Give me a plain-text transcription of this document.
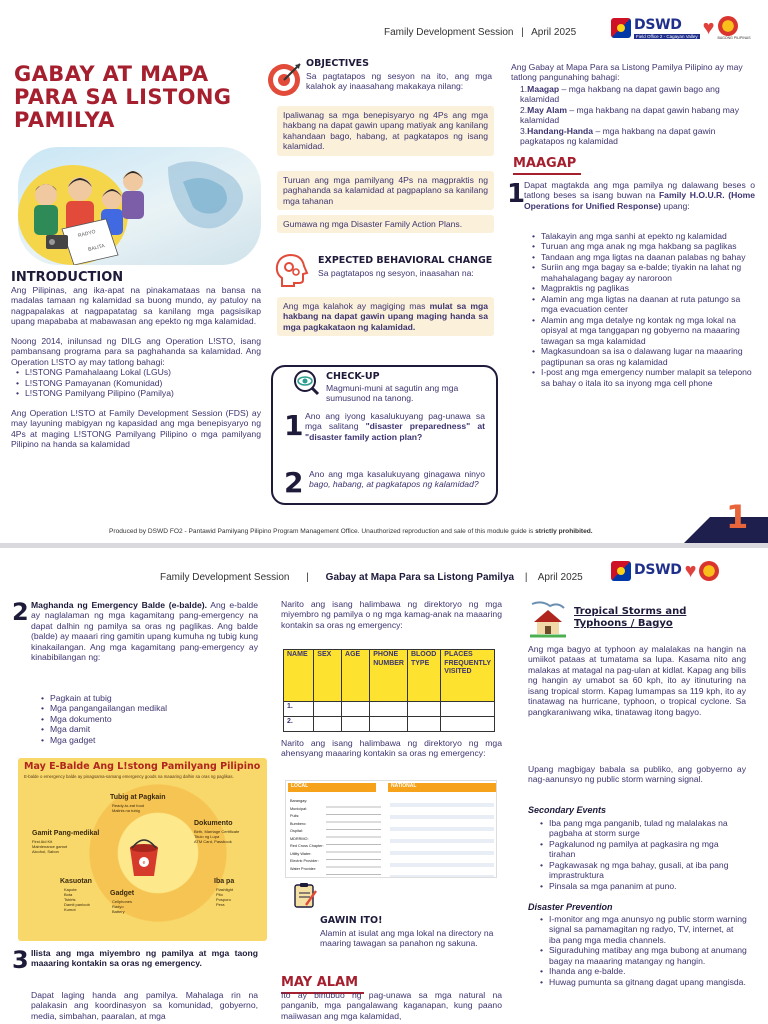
Family Development Session | April 2025	DSWD
Field Office 2 - Cagayan Valley ♥ BAGONG PILIPINAS
GABAY AT MAPA PARA SA LISTONG PAMILYA
RADYO
BALITA
INTRODUCTION

Ang Pilipinas, ang ika-apat na pinakamataas na bansa na madalas tamaan ng kalamidad sa buong mundo, ay patuloy na nagpapalakas at nagpapatatag sa kanilang mga pagsisikap upang mapababa at mabawasan ang epekto ng mga kalamidad.

Noong 2014, inilunsad ng DILG ang Operation L!STO, isang pambansang programa para sa paghahanda sa kalamidad. Ang Operation L!STO ay may tatlong bahagi:

• L!STONG Pamahalaang Lokal (LGUs)
• L!STONG Pamayanan (Komunidad)
• L!STONG Pamilyang Pilipino (Pamilya)

Ang Operation L!STO at Family Development Session (FDS) ay may layuning mabigyan ng kapasidad ang mga benepisyaryo ng 4Ps at maging L!STONG Pamilyang Pilipino o mga pamilyang Pilipino na handa sa kalamidad

OBJECTIVES

Sa pagtatapos ng sesyon na ito, ang mga kalahok ay inaasahang makakaya nilang:

Ipaliwanag sa mga benepisyaryo ng 4Ps ang mga hakbang na dapat gawin upang matiyak ang kanilang kahandaan bago, habang, at pagkatapos ng isang kalamidad.
Turuan ang mga pamilyang 4Ps na magpraktis ng paghahanda sa kalamidad at pagpaplano sa kanilang mga tahanan
Gumawa ng mga Disaster Family Action Plans.
EXPECTED BEHAVIORAL CHANGE

Sa pagtatapos ng sesyon, inaasahan na:

Ang mga kalahok ay magiging mas mulat sa mga hakbang na dapat gawin upang maging handa sa mga pagkakataon ng kalamidad.
CHECK-UP

Magmuni-muni at sagutin ang mga sumusunod na tanong.

1 Ano ang iyong kasalukuyang pag-unawa sa mga salitang "disaster preparedness" at "disaster family action plan?

2 Ano ang mga kasalukuyang ginagawa ninyo bago, habang, at pagkatapos ng kalamidad?

Ang Gabay at Mapa Para sa Listong Pamilya Pilipino ay may tatlong pangunahing bahagi:

1.Maagap – mga hakbang na dapat gawin bago ang kalamidad
2.May Alam – mga hakbang na dapat gawin habang may kalamidad
3.Handang-Handa – mga hakbang na dapat gawin pagkatapos ng kalamidad
MAAGAP
1

Dapat magtakda ang mga pamilya ng dalawang beses o tatlong beses sa isang buwan na Family H.O.U.R. (Home Operations for Unified Response) upang:

• Talakayin ang mga sanhi at epekto ng kalamidad
• Turuan ang mga anak ng mga hakbang sa paglikas
• Tandaan ang mga ligtas na daanan palabas ng bahay
• Suriin ang mga bagay sa e-balde; tiyakin na lahat ng mahahalagang bagay ay naroroon
• Magpraktis ng paglikas
• Alamin ang mga ligtas na daanan at ruta patungo sa mga evacuation center
• Alamin ang mga detalye ng kontak ng mga lokal na opisyal at mga tanggapan ng gobyerno na maaaring tawagan sa mga kalamidad
• Magkasundoan sa isa o dalawang lugar na maaaring pagtipunan sa oras ng kalamidad
• I-post ang mga emergency number malapit sa telepono sa bahay o itala ito sa inyong mga cell phone
Produced by DSWD FO2 - Pantawid Pamilyang Pilipino Program Management Office. Unauthorized reproduction and sale of this module guide is strictly prohibited.	1
Family Development Session | Gabay at Mapa Para sa Listong Pamilya | April 2025	DSWD ♥
2 Maghanda ng Emergency Balde (e-balde). Ang e-balde ay naglalaman ng mga kagamitang pang-emergency na dapat dalhin ng pamilya sa oras ng paglikas. Ang balde (balde) ay maaari ring gamitin upang kumuha ng tubig kung kinakailangan. Ang mga kagamitang pang-emergency ay kinabibilangan ng:

• Pagkain at tubig
• Mga pangangailangan medikal
• Mga dokumento
• Mga damit
• Mga gadget
May E-Balde Ang L!stong Pamilyang Pilipino
E-balde o emergency balde ay pinagsama-samang emergency goods na maaaring dalhin sa oras ng paglikas.
e
Tubig at Pagkain
Ready-to-eat food
Malinis na tubig
Dokumento
Birth, Marriage Certificate
Titulo ng Lupa
ATM Card, Passbook
Gamit Pang-medikal
First Aid Kit
Maintenance gamot
Alcohol, Sabon
Kasuotan
Kapote
Bota
Tshirts
Damit panloob
Kumot
Gadget
Cellphones
Radyo
Battery
Iba pa
Flashlight
Pito
Posporo
Pera
3 Ilista ang mga miyembro ng pamilya at mga taong maaaring kontakin sa oras ng emergency.

Dapat laging handa ang pamilya. Mahalaga rin na palakasin ang koordinasyon sa komunidad, gobyerno, media, simbahan, paaralan, at mga

Narito ang isang halimbawa ng direktoryo ng mga miyembro ng pamilya o ng mga kamag-anak na maaaring kontakin sa oras ng emergency:

NAME	SEX	AGE	PHONE NUMBER	BLOOD TYPE	PLACES FREQUENTLY VISITED
1.					
2.					

Narito ang isang halimbawa ng direktoryo ng mga ahensyang maaaring kontakin sa oras ng emergency:

LOCAL	NATIONAL
Barangay:
Municipal:
Pulis:
Bumbero:
Ospital:
MDRRMO:
Red Cross Chapter:
Utility Water:
Electric Provider:
Water Provider:
GAWIN ITO!

Alamin at isulat ang mga lokal na directory na maaring tawagan sa panahon ng sakuna.

MAY ALAM

Ito ay binubuo ng pag-unawa sa mga natural na panganib, mga pangalawang kaganapan, kung paano maiiwasan ang mga kalamidad,

Tropical Storms and Typhoons / Bagyo

Ang mga bagyo at typhoon ay malalakas na hangin na umiikot pataas at tumatama sa lupa. Kasama nito ang malakas at matagal na pag-ulan at kidlat. Kapag ang bilis ng hangin ay umabot sa 60 kph, ito ay itinuturing na isang tropical storm. Kapag lumampas sa 119 kph, ito ay tinatawag na hurricane, typhoon, o tropical cyclone. Sa pangkaraniwang wika, tinatawag itong bagyo.

Upang magbigay babala sa publiko, ang gobyerno ay nag-aanunsyo ng public storm warning signal.

Secondary Events
• Iba pang mga panganib, tulad ng malalakas na pagbaha at storm surge
• Pagkalunod ng pamilya at pagkasira ng mga tirahan
• Pagkawasak ng mga bahay, gusali, at iba pang imprastruktura
• Pinsala sa mga pananim at puno.
Disaster Prevention
• I-monitor ang mga anunsyo ng public storm warning signal sa pamamagitan ng radyo, TV, internet, at iba pang mga media channels.
• Siguraduhing matibay ang mga bubong at anumang bagay na maaaring matangay ng hangin.
• Ihanda ang e-balde.
• Huwag pumunta sa gitnang dagat upang mangisda.
